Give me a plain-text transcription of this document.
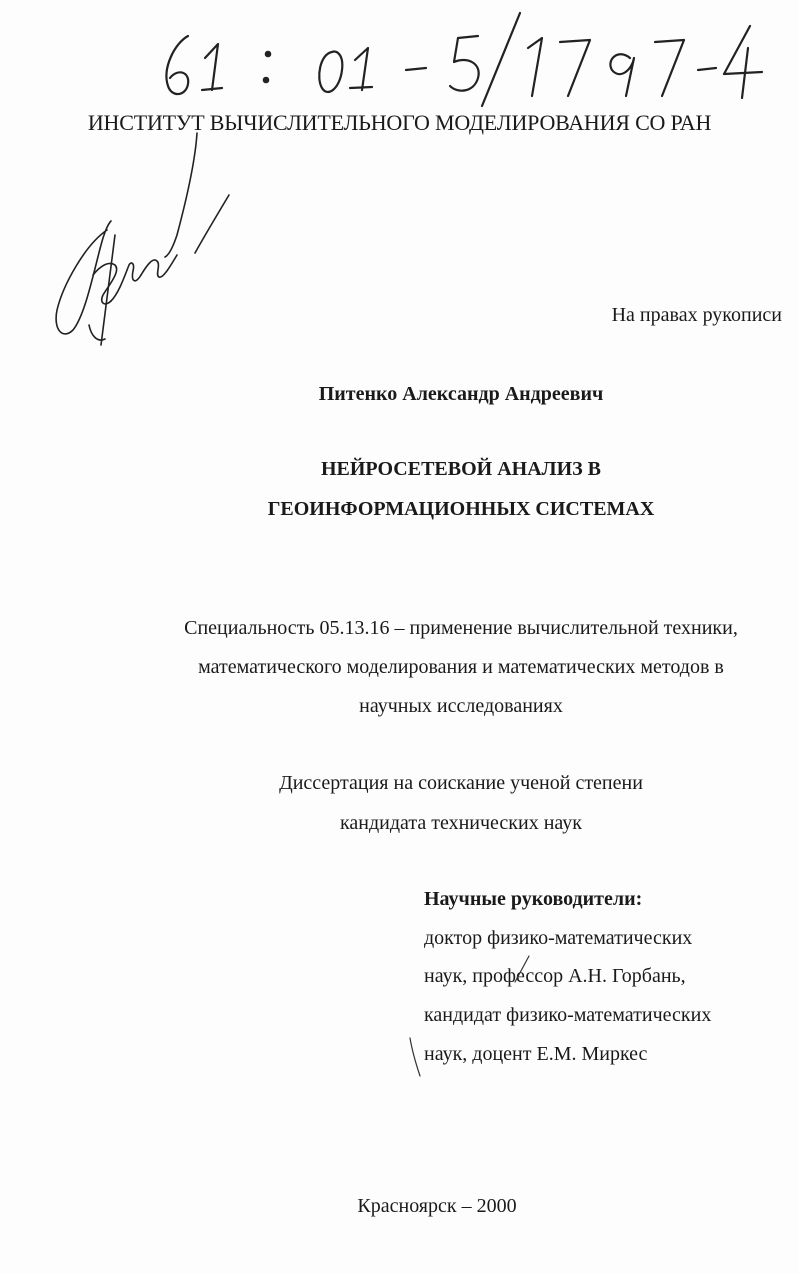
ИНСТИТУТ ВЫЧИСЛИТЕЛЬНОГО МОДЕЛИРОВАНИЯ СО РАН
На правах рукописи
Питенко Александр Андреевич
НЕЙРОСЕТЕВОЙ АНАЛИЗ В
ГЕОИНФОРМАЦИОННЫХ СИСТЕМАХ
Специальность 05.13.16 – применение вычислительной техники,
математического моделирования и математических методов в
научных исследованиях
Диссертация на соискание ученой степени
кандидата технических наук
Научные руководители:
доктор физико-математических
наук, профессор А.Н. Горбань,
кандидат физико-математических
наук, доцент Е.М. Миркес
Красноярск – 2000
